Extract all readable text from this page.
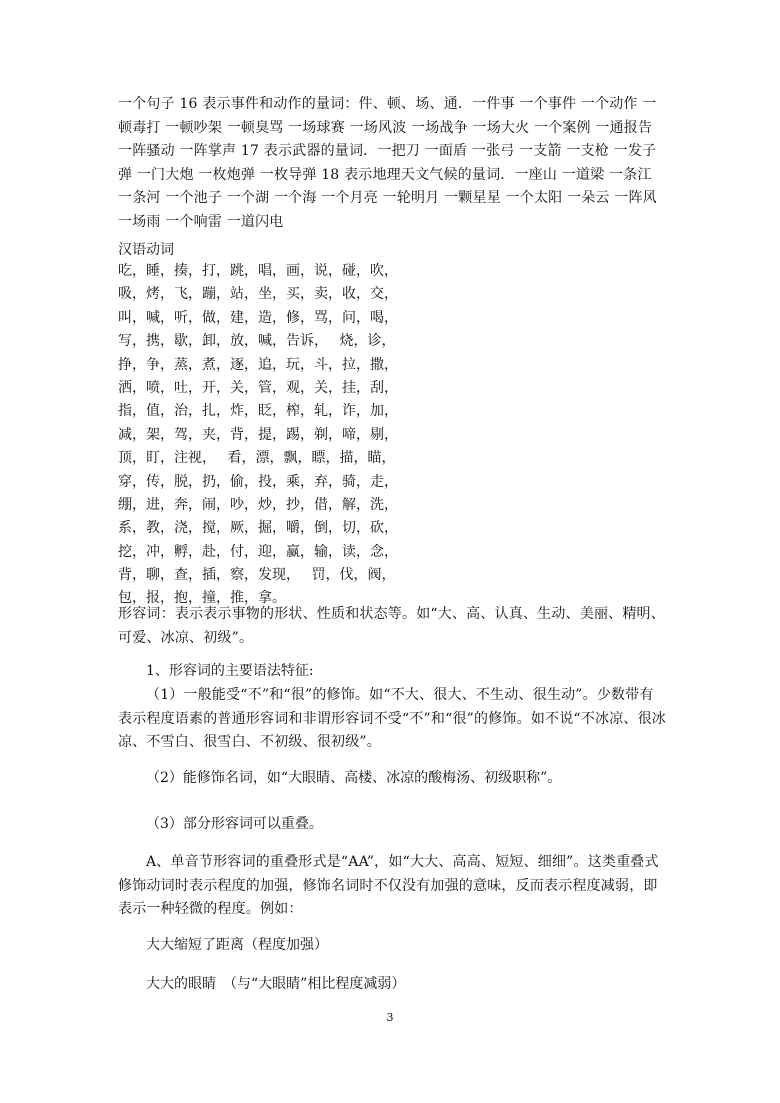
一个句子 16 表示事件和动作的量词：件、顿、场、通．一件事 一个事件 一个动作 一顿毒打 一顿吵架 一顿臭骂 一场球赛 一场风波 一场战争 一场大火 一个案例 一通报告 一阵骚动 一阵掌声 17 表示武器的量词．一把刀 一面盾 一张弓 一支箭 一支枪 一发子弹 一门大炮 一枚炮弹 一枚导弹 18 表示地理天文气候的量词．一座山 一道梁 一条江 一条河 一个池子 一个湖 一个海 一个月亮 一轮明月 一颗星星 一个太阳 一朵云 一阵风 一场雨 一个响雷 一道闪电

汉语动词

吃，睡，揍，打，跳，唱，画，说，碰，吹，
吸，烤，飞，蹦，站，坐，买，卖，收，交，
叫，喊，听，做，建，造，修，骂，问，喝，
写，携，歇，卸，放，喊，告诉，　 烧，诊，
挣，争，蒸，煮，逐，追，玩，斗，拉，撒，
洒，喷，吐，开，关，管，观，关，挂，刮，
指，值，治，扎，炸，眨，榨，轧，诈，加，
减，架，驾，夹，背，提，踢，剃，啼，剔，
顶，盯，注视，　 看，漂，飘，瞟，描，瞄，
穿，传，脱，扔，偷，投，乘，弃，骑，走，
绷，进，奔，闹，吵，炒，抄，借，解，洗，
系，教，浇，搅，厥，掘，嚼，倒，切，砍，
挖，冲，孵，赴，付，迎，赢，输，读，念，
背，聊，查，插，察，发现，　 罚，伐，阀，
包，报，抱，撞，推，拿。

形容词：表示表示事物的形状、性质和状态等。如“大、高、认真、生动、美丽、精明、可爱、冰凉、初级”。

1、形容词的主要语法特征:

（1）一般能受“不”和“很”的修饰。如“不大、很大、不生动、很生动”。少数带有表示程度语素的普通形容词和非谓形容词不受“不”和“很”的修饰。如不说“不冰凉、很冰凉、不雪白、很雪白、不初级、很初级”。

（2）能修饰名词，如“大眼睛、高楼、冰凉的酸梅汤、初级职称”。

（3）部分形容词可以重叠。

A、单音节形容词的重叠形式是“AA”，如“大大、高高、短短、细细”。这类重叠式修饰动词时表示程度的加强，修饰名词时不仅没有加强的意味，反而表示程度减弱，即表示一种轻微的程度。例如：

大大缩短了距离（程度加强）

大大的眼睛　（与“大眼睛”相比程度减弱）

3
